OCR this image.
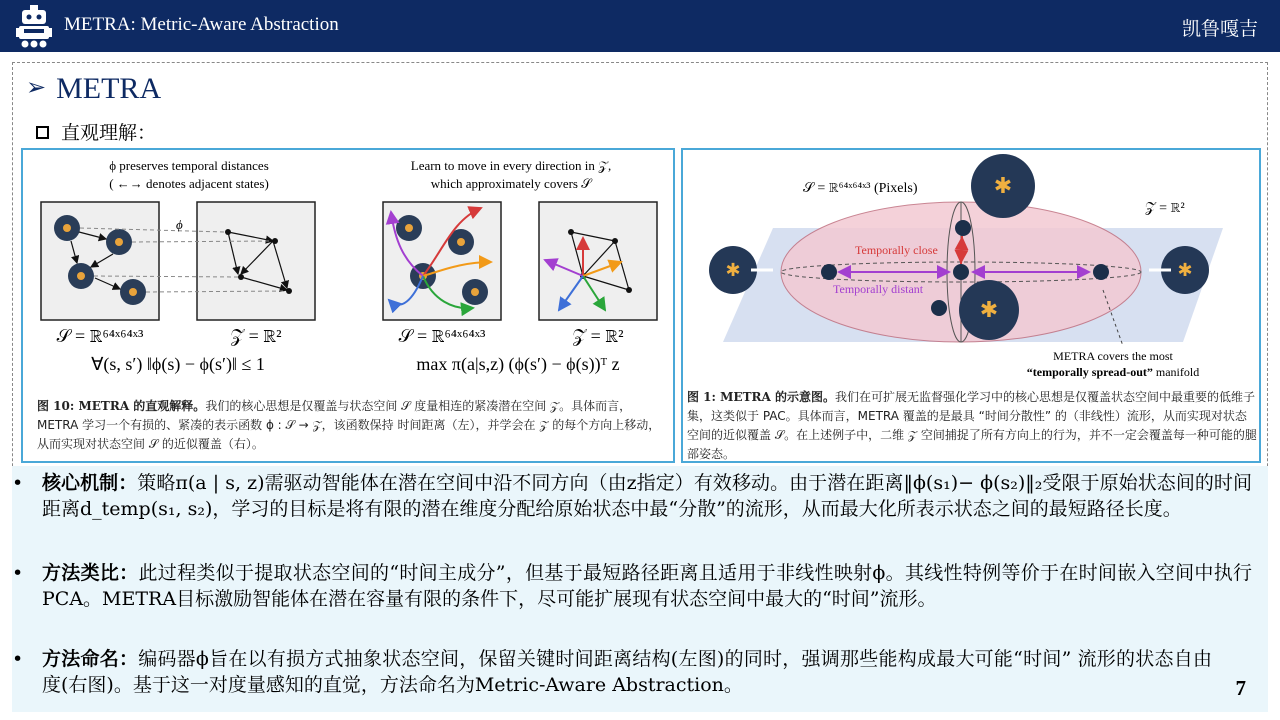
METRA: Metric-Aware Abstraction	凯鲁嘎吉
➢ METRA
直观理解：
ϕ preserves temporal distances
( ←→ denotes adjacent states)
Learn to move in every direction in 𝒵,
which approximately covers 𝒮
ϕ
𝒮 = ℝ⁶⁴ˣ⁶⁴ˣ³	𝒵 = ℝ²	𝒮 = ℝ⁶⁴ˣ⁶⁴ˣ³	𝒵 = ℝ²
∀(s, s′) ‖ϕ(s) − ϕ(s′)‖ ≤ 1	max π(a|s,z) (ϕ(s′) − ϕ(s))ᵀ z
图 10: METRA 的直观解释。我们的核心思想是仅覆盖与状态空间 𝒮 度量相连的紧凑潜在空间 𝒵。具体而言，METRA 学习一个有损的、紧凑的表示函数 ϕ : 𝒮 → 𝒵，该函数保持 时间距离（左），并学会在 𝒵 的每个方向上移动，从而实现对状态空间 𝒮 的近似覆盖（右）。
𝒮 = ℝ⁶⁴ˣ⁶⁴ˣ³ (Pixels)
𝒵 = ℝ²
✱	✱
✱
✱
Temporally close
Temporally distant
METRA covers the most
“temporally spread-out” manifold
图 1: METRA 的示意图。我们在可扩展无监督强化学习中的核心思想是仅覆盖状态空间中最重要的低维子集，这类似于 PAC。具体而言，METRA 覆盖的是最具 “时间分散性” 的（非线性）流形，从而实现对状态空间的近似覆盖 𝒮。在上述例子中，二维 𝒵 空间捕捉了所有方向上的行为，并不一定会覆盖每一种可能的腿部姿态。
• 核心机制：策略π(a | s, z)需驱动智能体在潜在空间中沿不同方向（由z指定）有效移动。由于潜在距离‖ϕ(s₁)− ϕ(s₂)‖₂受限于原始状态间的时间距离d_temp(s₁, s₂)，学习的目标是将有限的潜在维度分配给原始状态中最“分散”的流形，从而最大化所表示状态之间的最短路径长度。
• 方法类比：此过程类似于提取状态空间的“时间主成分”，但基于最短路径距离且适用于非线性映射ϕ。其线性特例等价于在时间嵌入空间中执行PCA。METRA目标激励智能体在潜在容量有限的条件下，尽可能扩展现有状态空间中最大的“时间”流形。
• 方法命名：编码器ϕ旨在以有损方式抽象状态空间，保留关键时间距离结构(左图)的同时，强调那些能构成最大可能“时间” 流形的状态自由度(右图)。基于这一对度量感知的直觉，方法命名为Metric-Aware Abstraction。	7
